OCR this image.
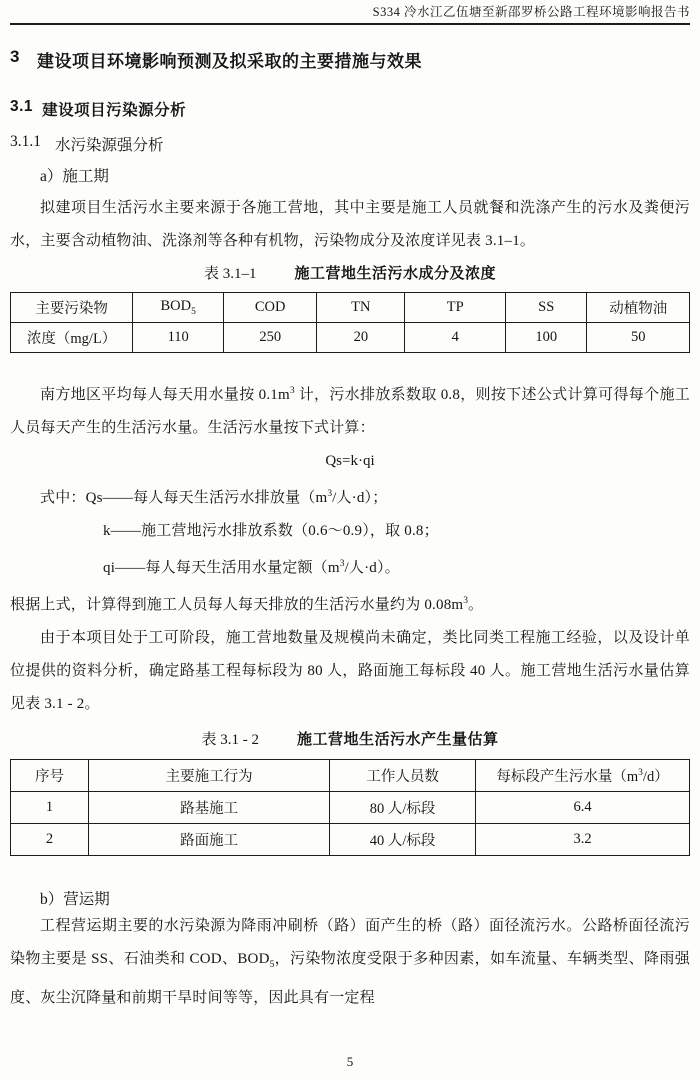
S334 冷水江乙伍塘至新邵罗桥公路工程环境影响报告书
3 建设项目环境影响预测及拟采取的主要措施与效果
3.1 建设项目污染源分析
3.1.1 水污染源强分析
a）施工期

拟建项目生活污水主要来源于各施工营地，其中主要是施工人员就餐和洗涤产生的污水及粪便污水，主要含动植物油、洗涤剂等各种有机物，污染物成分及浓度详见表 3.1–1。

表 3.1–1	施工营地生活污水成分及浓度
主要污染物	$BOD_5$	COD	TN	TP	SS	动植物油
浓度（mg/L）	110	250	20	4	100	50

南方地区平均每人每天用水量按 $0.1m^3$ 计，污水排放系数取 0.8，则按下述公式计算可得每个施工人员每天产生的生活污水量。生活污水量按下式计算：

Qs=k·qi

式中：Qs——每人每天生活污水排放量（$m^3/$人·d）；

k——施工营地污水排放系数（0.6～0.9），取 0.8；

qi——每人每天生活用水量定额（$m^3/$人·d）。

根据上式，计算得到施工人员每人每天排放的生活污水量约为 $0.08m^3$。

由于本项目处于工可阶段，施工营地数量及规模尚未确定，类比同类工程施工经验，以及设计单位提供的资料分析，确定路基工程每标段为 80 人，路面施工每标段 40 人。施工营地生活污水量估算见表 3.1 - 2。

表 3.1 - 2	施工营地生活污水产生量估算
序号	主要施工行为	工作人员数	每标段产生污水量$(m^3/d)$
1	路基施工	80 人/标段	6.4
2	路面施工	40 人/标段	3.2
b）营运期

工程营运期主要的水污染源为降雨冲刷桥（路）面产生的桥（路）面径流污水。公路桥面径流污染物主要是 SS、石油类和 COD、$BOD_5$，污染物浓度受限于多种因素，如车流量、车辆类型、降雨强度、灰尘沉降量和前期干旱时间等等，因此具有一定程

5
